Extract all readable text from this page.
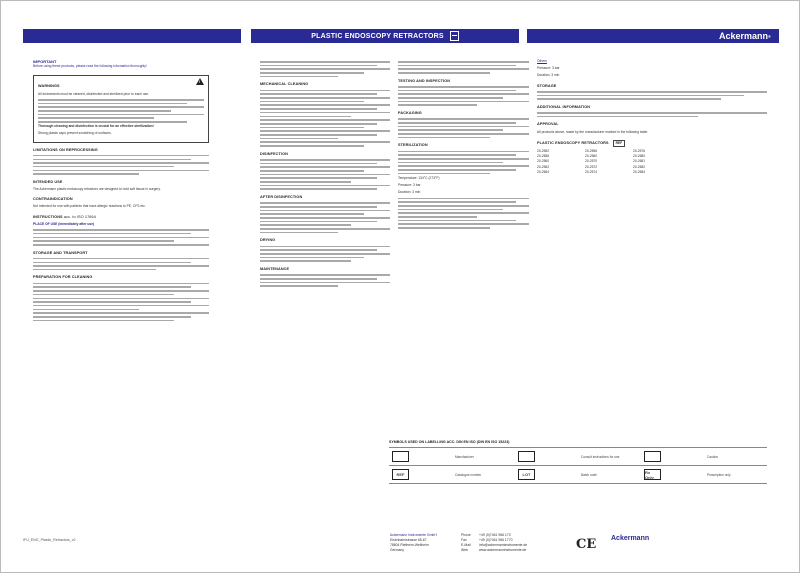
PLASTIC ENDOSCOPY RETRACTORS	Ackermann ®
IMPORTANT

Before using these products, please read the following information thoroughly!

!
WARNINGS

All instruments must be cleaned, disinfected and sterilized prior to each use.

Thorough cleaning and disinfection is crucial for an effective sterilization!

Strong plastic caps prevent scratching of surfaces.

LIMITATIONS ON REPROCESSING
INTENDED USE

The Ackermann plastic endoscopy retractors are designed to hold soft tissue in surgery.

CONTRAINDICATION

Not intended for use with patients that have allergic reactions to PE, CFS etc.

INSTRUCTIONS acc. to ISO 17664

PLACE OF USE (immediately after use)

STORAGE AND TRANSPORT
PREPARATION FOR CLEANING
MECHANICAL CLEANING
DISINFECTION
AFTER DISINFECTION
DRYING
MAINTENANCE
TESTING AND INSPECTION
PACKAGING
STERILIZATION

Temperature: 134°C (273°F)

Pressure: 3 bar

Duration: 3 min

Others

Pressure: 3 bar

Duration: 3 min

STORAGE
ADDITIONAL INFORMATION
APPROVAL

All products above, made by the manufacturer marked in the following table:

PLASTIC ENDOSCOPY RETRACTORS REF
20-2552	20-2556	20-2576
20-2556	20-2560	20-2680
20-2560	20-2570	20-2681
20-2562	20-2572	20-2682
20-2564	20-2574	20-2684
SYMBOLS USED ON LABELLING ACC. DIN EN ISO (DIN EN ISO 15223)
Manufacturer	Consult instructions for use	Caution
REF	Catalogue number	LOT	Batch code	Rx Only	Prescription only
IFU_ENG_Plastic_Retractors_v2
Ackermann Instrumente GmbH
Eisenbahnstrasse 65-67
78604 Rietheim-Weilheim
Germany
Phone	+49 (0)7461 966 170
Fax	+49 (0)7461 966 1770
E-Mail	info@ackermanninstrumente.de
Web	www.ackermanninstrumente.de	CE Ackermann
